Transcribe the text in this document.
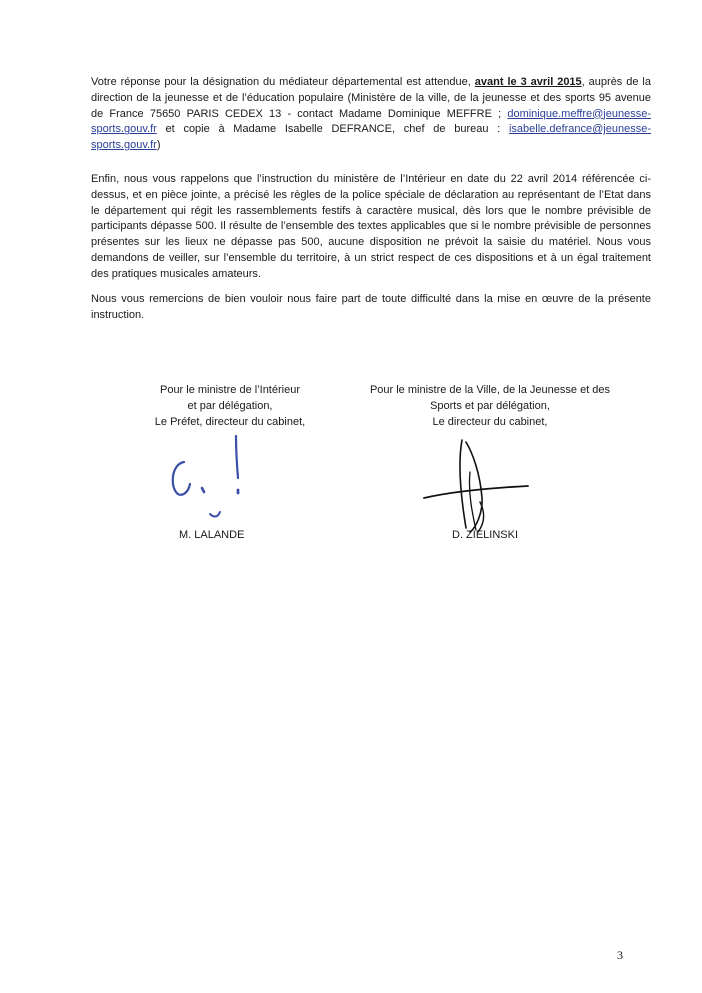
Votre réponse pour la désignation du médiateur départemental est attendue, avant le 3 avril 2015, auprès de la direction de la jeunesse et de l’éducation populaire (Ministère de la ville, de la jeunesse et des sports 95 avenue de France 75650 PARIS CEDEX 13 - contact Madame Dominique MEFFRE ; dominique.meffre@jeunesse-sports.gouv.fr et copie à Madame Isabelle DEFRANCE, chef de bureau : isabelle.defrance@jeunesse-sports.gouv.fr)

Enfin, nous vous rappelons que l’instruction du ministère de l’Intérieur en date du 22 avril 2014 référencée ci-dessus, et en pièce jointe, a précisé les règles de la police spéciale de déclaration au représentant de l’Etat dans le département qui régit les rassemblements festifs à caractère musical, dès lors que le nombre prévisible de participants dépasse 500. Il résulte de l’ensemble des textes applicables que si le nombre prévisible de personnes présentes sur les lieux ne dépasse pas 500, aucune disposition ne prévoit la saisie du matériel. Nous vous demandons de veiller, sur l’ensemble du territoire, à un strict respect de ces dispositions et à un égal traitement des pratiques musicales amateurs.

Nous vous remercions de bien vouloir nous faire part de toute difficulté dans la mise en œuvre de la présente instruction.

Pour le ministre de l’Intérieur
et par délégation,
Le Préfet, directeur du cabinet,
Pour le ministre de la Ville, de la Jeunesse et des
Sports et par délégation,
Le directeur du cabinet,
M. LALANDE	D. ZIELINSKI
3
